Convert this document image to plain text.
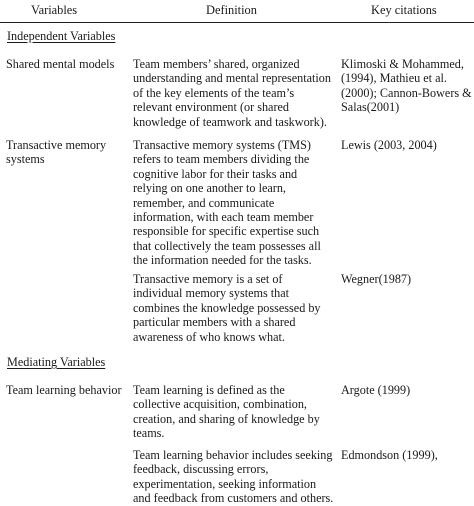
Variables	Definition	Key citations
Independent Variables
Shared mental models Team members’ shared, organized
understanding and mental representation
of the key elements of the team’s
relevant environment (or shared
knowledge of teamwork and taskwork).
Klimoski & Mohammed,
(1994), Mathieu et al.
(2000); Cannon-Bowers &
Salas(2001)
Transactive memory
systems
Transactive memory systems (TMS)
refers to team members dividing the
cognitive labor for their tasks and
relying on one another to learn,
remember, and communicate
information, with each team member
responsible for specific expertise such
that collectively the team possesses all
the information needed for the tasks.
Lewis (2003, 2004)
Transactive memory is a set of
individual memory systems that
combines the knowledge possessed by
particular members with a shared
awareness of who knows what.
Wegner(1987)
Mediating Variables
Team learning behavior Team learning is defined as the
collective acquisition, combination,
creation, and sharing of knowledge by
teams.
Argote (1999)
Team learning behavior includes seeking
feedback, discussing errors,
experimentation, seeking information
and feedback from customers and others.
Edmondson (1999),
